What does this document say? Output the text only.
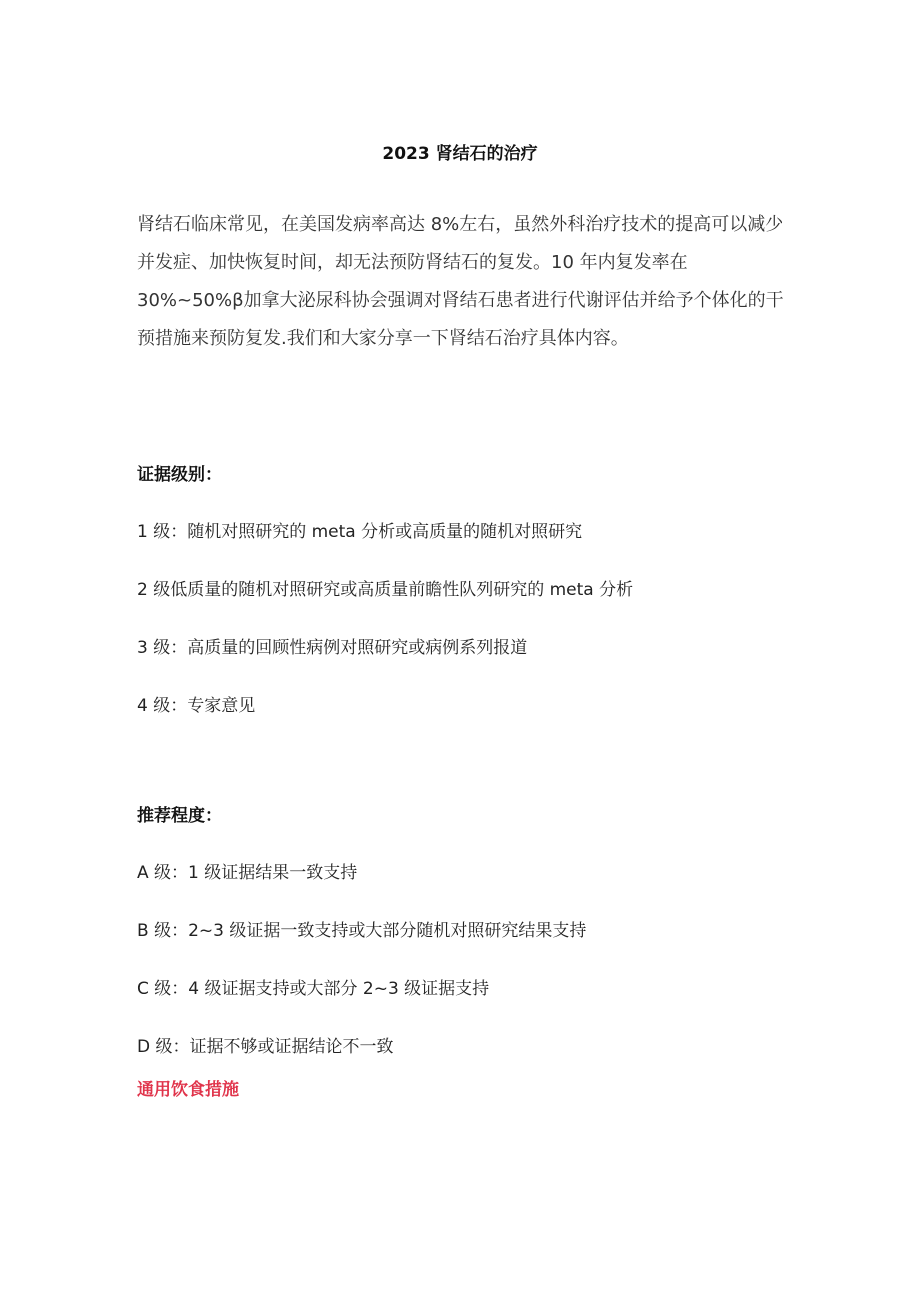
2023 肾结石的治疗

肾结石临床常见，在美国发病率高达 8%左右，虽然外科治疗技术的提高可以减少并发症、加快恢复时间，却无法预防肾结石的复发。10 年内复发率在 30%~50%β加拿大泌尿科协会强调对肾结石患者进行代谢评估并给予个体化的干预措施来预防复发.我们和大家分享一下肾结石治疗具体内容。

证据级别：

1 级：随机对照研究的 meta 分析或高质量的随机对照研究

2 级低质量的随机对照研究或高质量前瞻性队列研究的 meta 分析

3 级：高质量的回顾性病例对照研究或病例系列报道

4 级：专家意见

推荐程度：

A 级：1 级证据结果一致支持

B 级：2~3 级证据一致支持或大部分随机对照研究结果支持

C 级：4 级证据支持或大部分 2~3 级证据支持

D 级：证据不够或证据结论不一致

通用饮食措施
